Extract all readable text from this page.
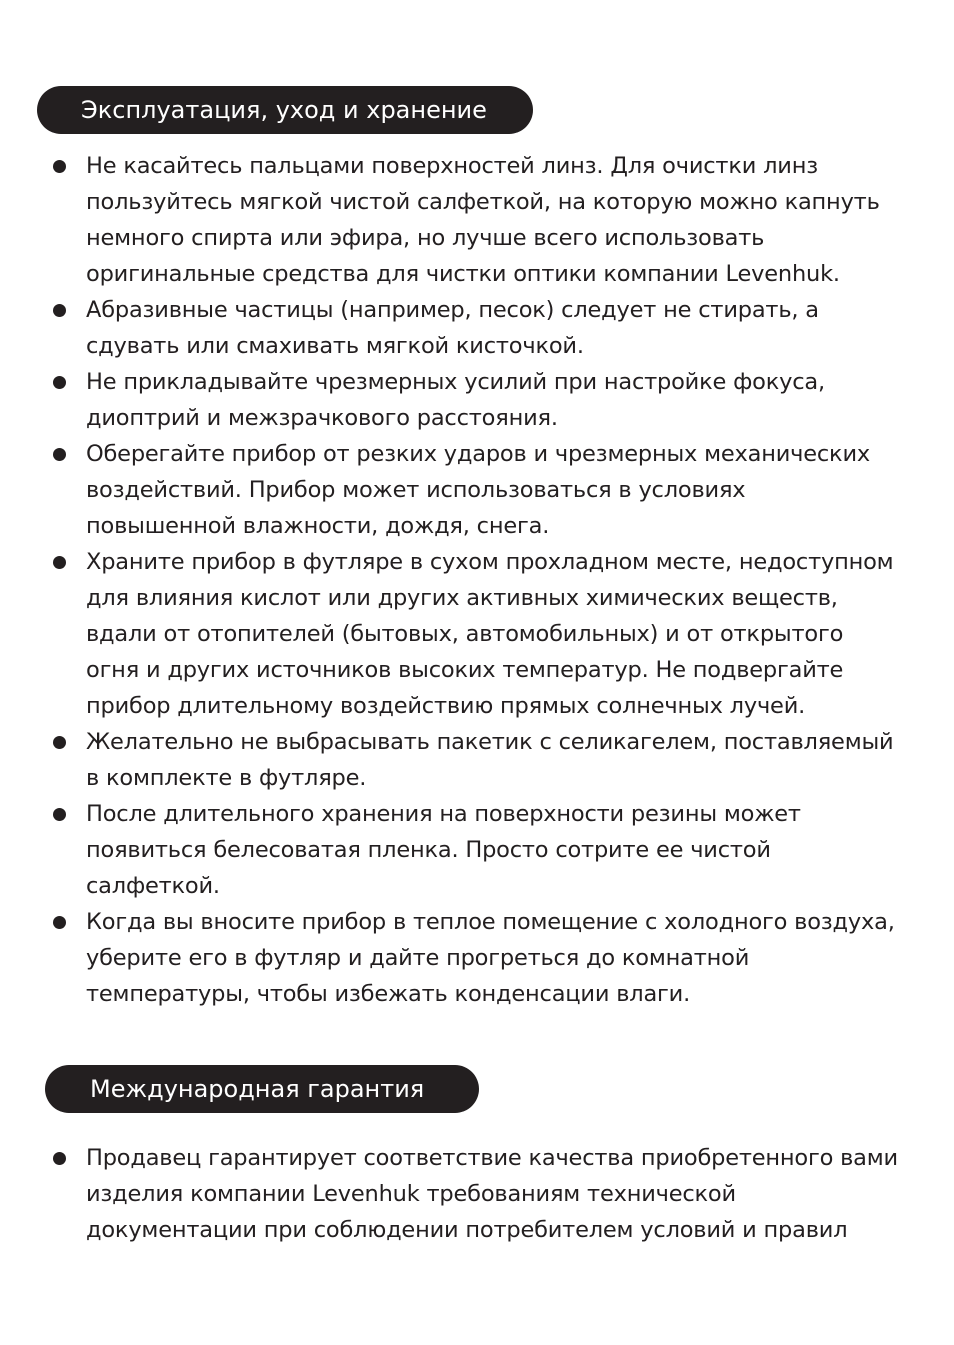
Эксплуатация, уход и хранение
Не касайтесь пальцами поверхностей линз. Для очистки линз
пользуйтесь мягкой чистой салфеткой, на которую можно капнуть
немного спирта или эфира, но лучше всего использовать
оригинальные средства для чистки оптики компании Levenhuk.
Абразивные частицы (например, песок) следует не стирать, а
сдувать или смахивать мягкой кисточкой.
Не прикладывайте чрезмерных усилий при настройке фокуса,
диоптрий и межзрачкового расстояния.
Оберегайте прибор от резких ударов и чрезмерных механических
воздействий. Прибор может использоваться в условиях
повышенной влажности, дождя, снега.
Храните прибор в футляре в сухом прохладном месте, недоступном
для влияния кислот или других активных химических веществ,
вдали от отопителей (бытовых, автомобильных) и от открытого
огня и других источников высоких температур. Не подвергайте
прибор длительному воздействию прямых солнечных лучей.
Желательно не выбрасывать пакетик с селикагелем, поставляемый
в комплекте в футляре.
После длительного хранения на поверхности резины может
появиться белесоватая пленка. Просто сотрите ее чистой
салфеткой.
Когда вы вносите прибор в теплое помещение с холодного воздуха,
уберите его в футляр и дайте прогреться до комнатной
температуры, чтобы избежать конденсации влаги.
Международная гарантия
Продавец гарантирует соответствие качества приобретенного вами
изделия компании Levenhuk требованиям технической
документации при соблюдении потребителем условий и правил
